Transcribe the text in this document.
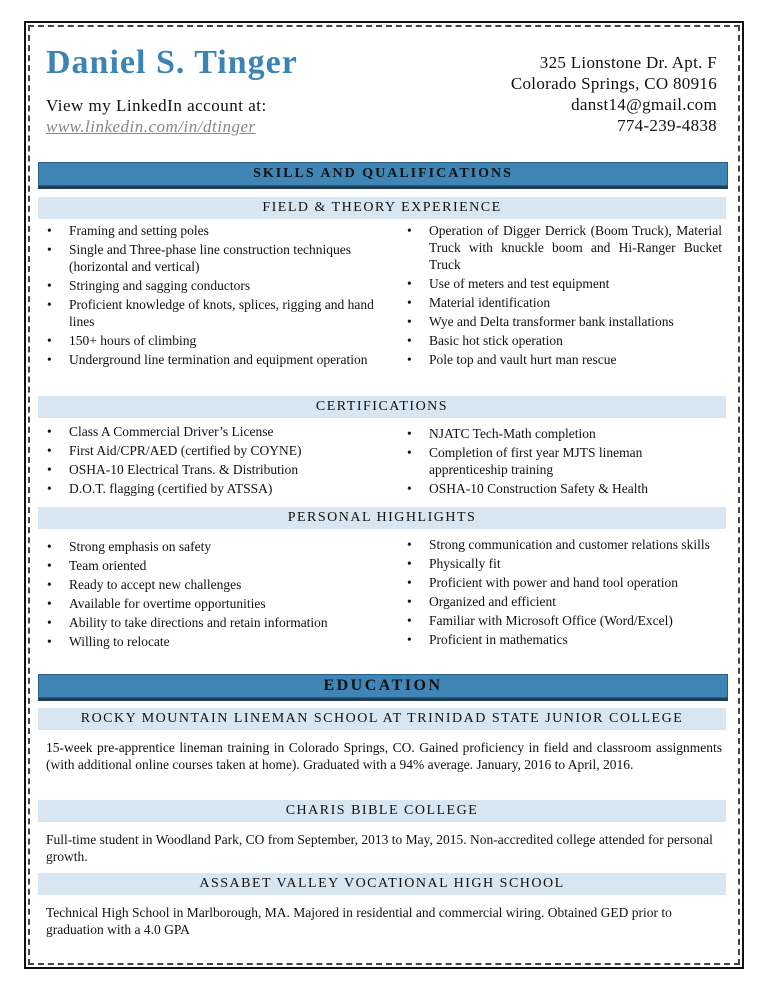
Daniel S. Tinger
View my LinkedIn account at:
www.linkedin.com/in/dtinger
325 Lionstone Dr. Apt. F
Colorado Springs, CO 80916
danst14@gmail.com
774-239-4838
SKILLS AND QUALIFICATIONS
FIELD & THEORY EXPERIENCE
• Framing and setting poles
• Single and Three-phase line construction techniques (horizontal and vertical)
• Stringing and sagging conductors
• Proficient knowledge of knots, splices, rigging and hand lines
• 150+ hours of climbing
• Underground line termination and equipment operation
• Operation of Digger Derrick (Boom Truck), Material Truck with knuckle boom and Hi-Ranger Bucket Truck
• Use of meters and test equipment
• Material identification
• Wye and Delta transformer bank installations
• Basic hot stick operation
• Pole top and vault hurt man rescue
CERTIFICATIONS
• Class A Commercial Driver’s License
• First Aid/CPR/AED (certified by COYNE)
• OSHA-10 Electrical Trans. & Distribution
• D.O.T. flagging (certified by ATSSA)
• NJATC Tech-Math completion
• Completion of first year MJTS lineman apprenticeship training
• OSHA-10 Construction Safety & Health
PERSONAL HIGHLIGHTS
• Strong emphasis on safety
• Team oriented
• Ready to accept new challenges
• Available for overtime opportunities
• Ability to take directions and retain information
• Willing to relocate
• Strong communication and customer relations skills
• Physically fit
• Proficient with power and hand tool operation
• Organized and efficient
• Familiar with Microsoft Office (Word/Excel)
• Proficient in mathematics
EDUCATION
ROCKY MOUNTAIN LINEMAN SCHOOL AT TRINIDAD STATE JUNIOR COLLEGE
15-week pre-apprentice lineman training in Colorado Springs, CO. Gained proficiency in field and classroom assignments (with additional online courses taken at home). Graduated with a 94% average. January, 2016 to April, 2016.
CHARIS BIBLE COLLEGE
Full-time student in Woodland Park, CO from September, 2013 to May, 2015. Non-accredited college attended for personal growth.
ASSABET VALLEY VOCATIONAL HIGH SCHOOL
Technical High School in Marlborough, MA. Majored in residential and commercial wiring. Obtained GED prior to graduation with a 4.0 GPA
